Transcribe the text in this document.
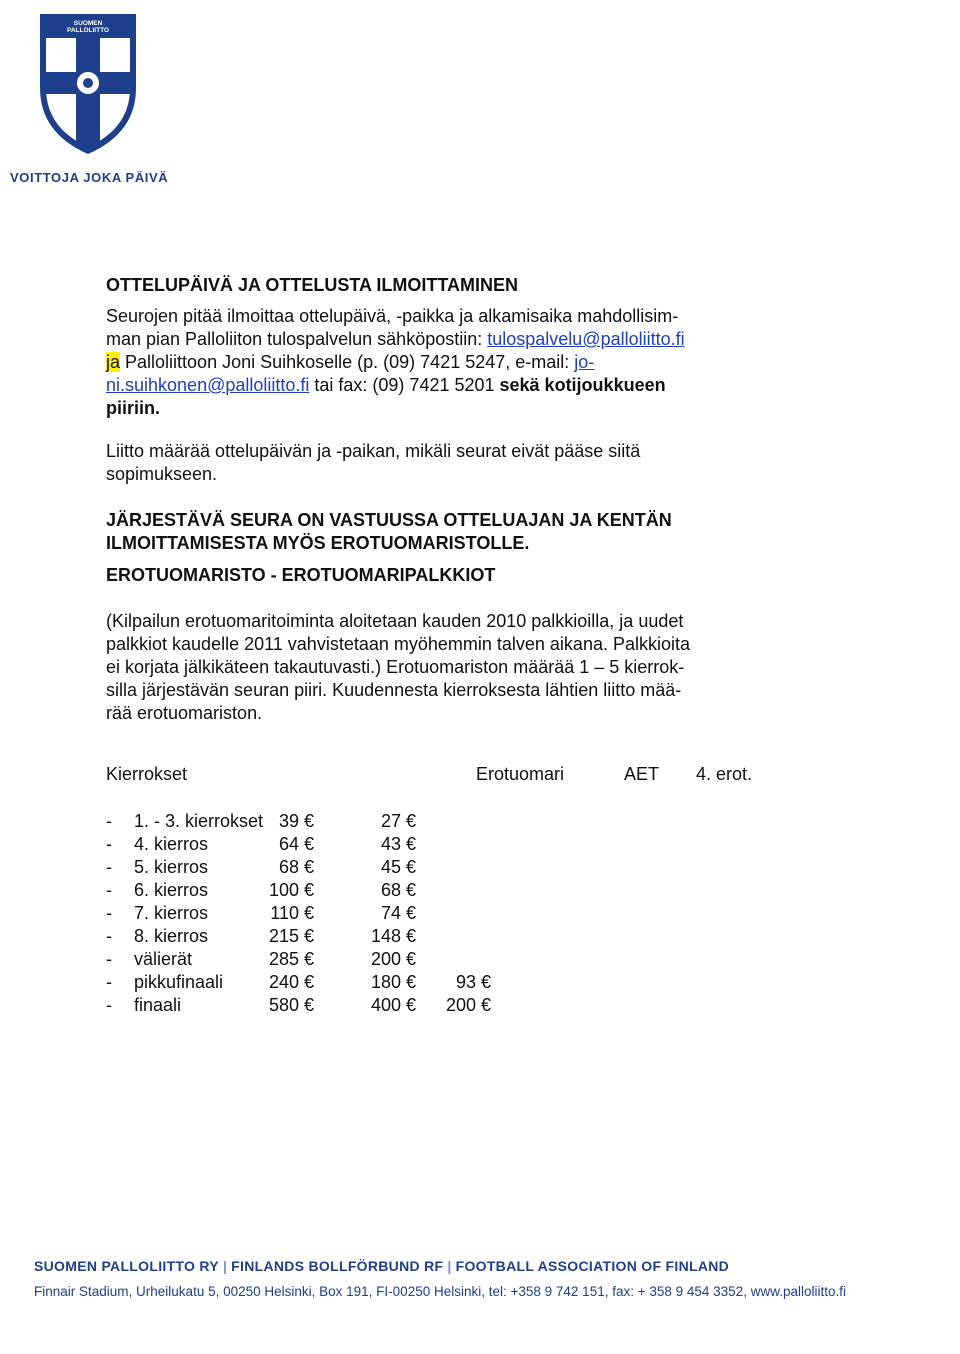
SUOMEN PALLOLIITTO
VOITTOJA JOKA PÄIVÄ

OTTELUPÄIVÄ JA OTTELUSTA ILMOITTAMINEN

Seurojen pitää ilmoittaa ottelupäivä, -paikka ja alkamisaika mahdollisim-

man pian Palloliiton tulospalvelun sähköpostiin: tulospalvelu@palloliitto.fi

ja Palloliittoon Joni Suihkoselle (p. (09) 7421 5247, e-mail: jo-

ni.suihkonen@palloliitto.fi tai fax: (09) 7421 5201 sekä kotijoukkueen

piiriin.

Liitto määrää ottelupäivän ja -paikan, mikäli seurat eivät pääse siitä sopimukseen.

JÄRJESTÄVÄ SEURA ON VASTUUSSA OTTELUAJAN JA KENTÄN

ILMOITTAMISESTA MYÖS EROTUOMARISTOLLE.

EROTUOMARISTO - EROTUOMARIPALKKIOT

(Kilpailun erotuomaritoiminta aloitetaan kauden 2010 palkkioilla, ja uudet

palkkiot kaudelle 2011 vahvistetaan myöhemmin talven aikana. Palkkioita

ei korjata jälkikäteen takautuvasti.) Erotuomariston määrää 1 – 5 kierrok-

silla järjestävän seuran piiri. Kuudennesta kierroksesta lähtien liitto mää-

rää erotuomariston.

Kierrokset	Erotuomari	AET 4. erot.
- 1. - 3. kierrokset 39 €	27 €
- 4. kierros	64 €	43 €
- 5. kierros	68 €	45 €
- 6. kierros	100 €	68 €
- 7. kierros	110 €	74 €
- 8. kierros	215 €	148 €
- välierät	285 €	200 €
- pikkufinaali	240 €	180 € 93 €
- finaali	580 €	400 € 200 €
SUOMEN PALLOLIITTO RY | FINLANDS BOLLFÖRBUND RF | FOOTBALL ASSOCIATION OF FINLAND
Finnair Stadium, Urheilukatu 5, 00250 Helsinki, Box 191, FI-00250 Helsinki, tel: +358 9 742 151, fax: + 358 9 454 3352, www.palloliitto.fi
